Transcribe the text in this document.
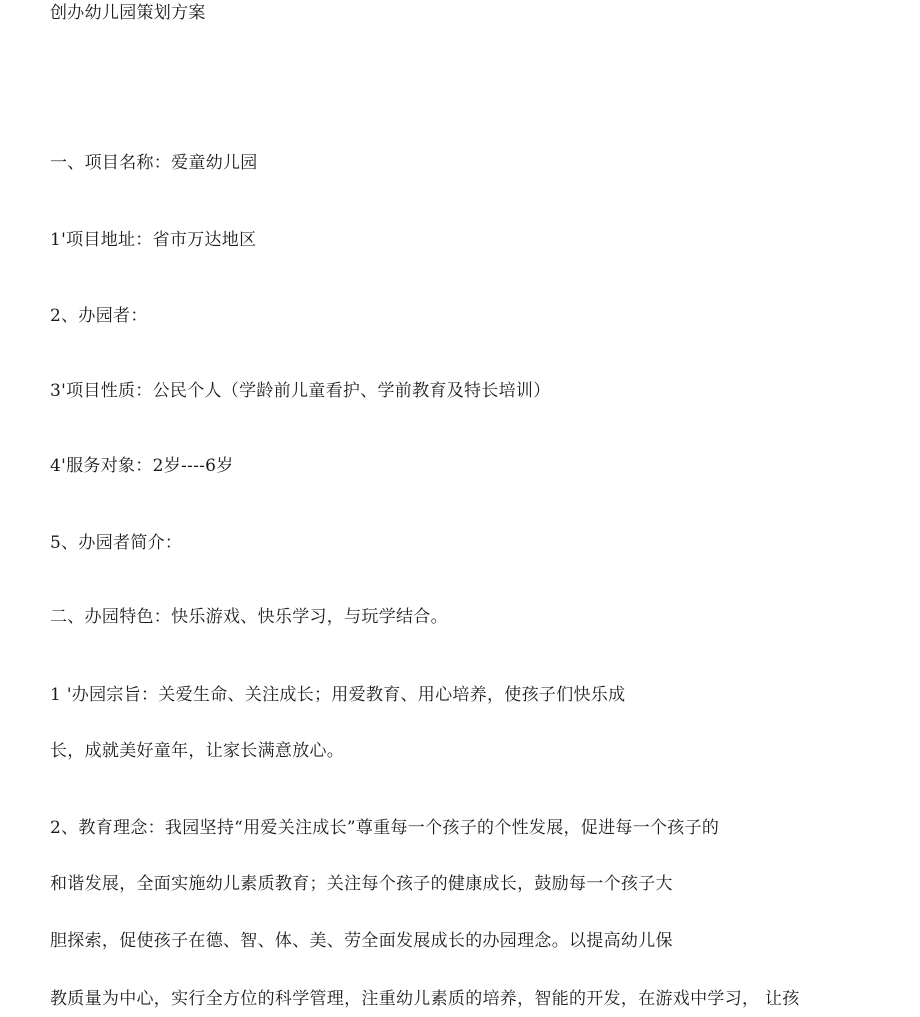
创办幼儿园策划方案
一、项目名称：爱童幼儿园
1'项目地址：省市万达地区
2、办园者：
3'项目性质：公民个人（学龄前儿童看护、学前教育及特长培训）
4'服务对象：2岁----6岁
5、办园者简介：
二、办园特色：快乐游戏、快乐学习，与玩学结合。
1 '办园宗旨：关爱生命、关注成长；用爱教育、用心培养，使孩子们快乐成
长，成就美好童年，让家长满意放心。
2、教育理念：我园坚持“用爱关注成长”尊重每一个孩子的个性发展，促进每一个孩子的
和谐发展，全面实施幼儿素质教育；关注每个孩子的健康成长，鼓励每一个孩子大
胆探索，促使孩子在德、智、体、美、劳全面发展成长的办园理念。以提高幼儿保
教质量为中心，实行全方位的科学管理，注重幼儿素质的培养，智能的开发，在游戏中学习， 让孩
